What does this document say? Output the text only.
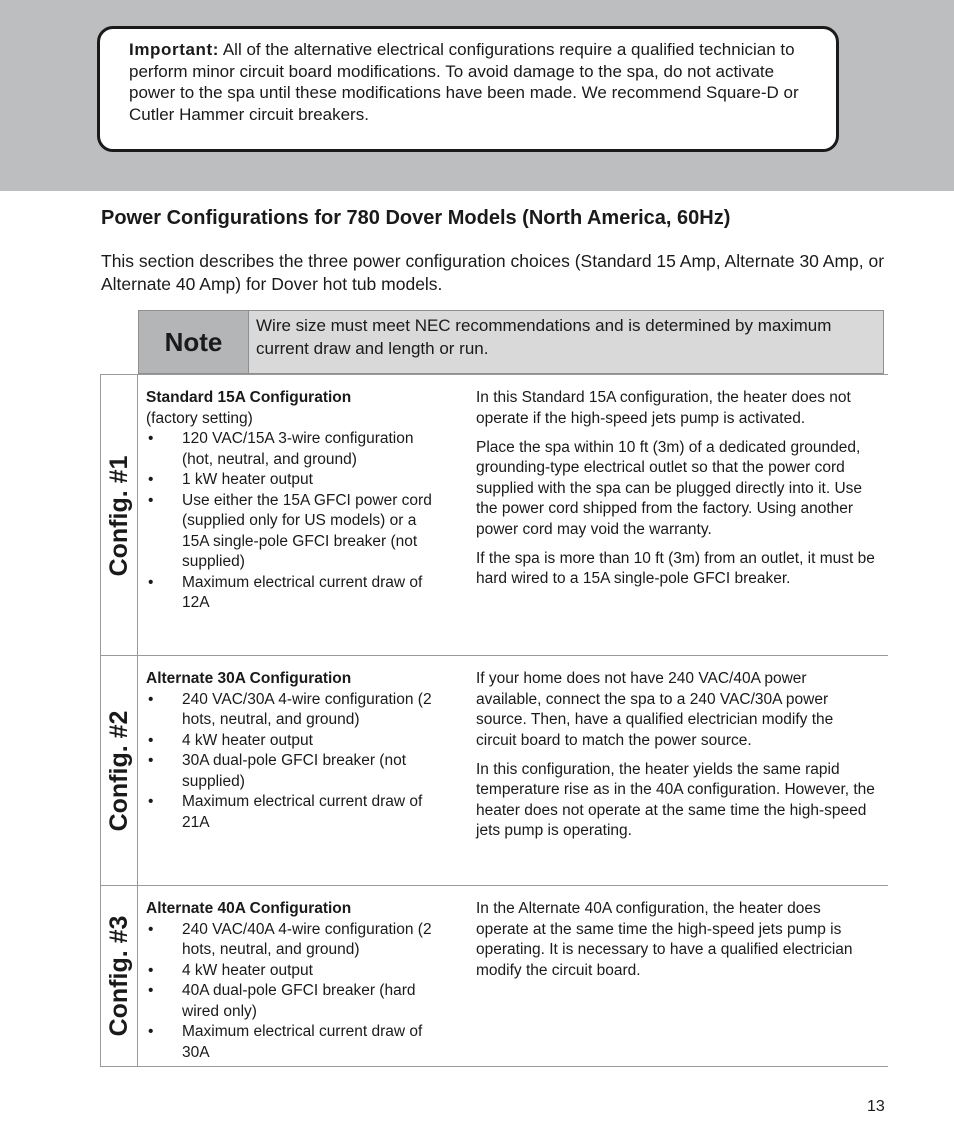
Important: All of the alternative electrical configurations require a qualified technician to perform minor circuit board modifications. To avoid damage to the spa, do not activate power to the spa until these modifications have been made. We recommend Square-D or Cutler Hammer circuit breakers.
Power Configurations for 780 Dover Models (North America, 60Hz)

This section describes the three power configuration choices (Standard 15 Amp, Alternate 30 Amp, or Alternate 40 Amp) for Dover hot tub models.

Note
Wire size must meet NEC recommendations and is determined by maximum current draw and length or run.
Config. #1
Standard 15A Configuration
(factory setting)
• 120 VAC/15A 3-wire configuration (hot, neutral, and ground)
• 1 kW heater output
• Use either the 15A GFCI power cord (supplied only for US models) or a 15A single-pole GFCI breaker (not supplied)
• Maximum electrical current draw of 12A

In this Standard 15A configuration, the heater does not operate if the high-speed jets pump is activated.

Place the spa within 10 ft (3m) of a dedicated grounded, grounding-type electrical outlet so that the power cord supplied with the spa can be plugged directly into it. Use the power cord shipped from the factory. Using another power cord may void the warranty.

If the spa is more than 10 ft (3m) from an outlet, it must be hard wired to a 15A single-pole GFCI breaker.

Config. #2
Alternate 30A Configuration
• 240 VAC/30A 4-wire configuration (2 hots, neutral, and ground)
• 4 kW heater output
• 30A dual-pole GFCI breaker (not supplied)
• Maximum electrical current draw of 21A

If your home does not have 240 VAC/40A power available, connect the spa to a 240 VAC/30A power source. Then, have a qualified electrician modify the circuit board to match the power source.

In this configuration, the heater yields the same rapid temperature rise as in the 40A configuration. However, the heater does not operate at the same time the high-speed jets pump is operating.

Config. #3
Alternate 40A Configuration
• 240 VAC/40A 4-wire configuration (2 hots, neutral, and ground)
• 4 kW heater output
• 40A dual-pole GFCI breaker (hard wired only)
• Maximum electrical current draw of 30A

In the Alternate 40A configuration, the heater does operate at the same time the high-speed jets pump is operating. It is necessary to have a qualified electrician modify the circuit board.

13
